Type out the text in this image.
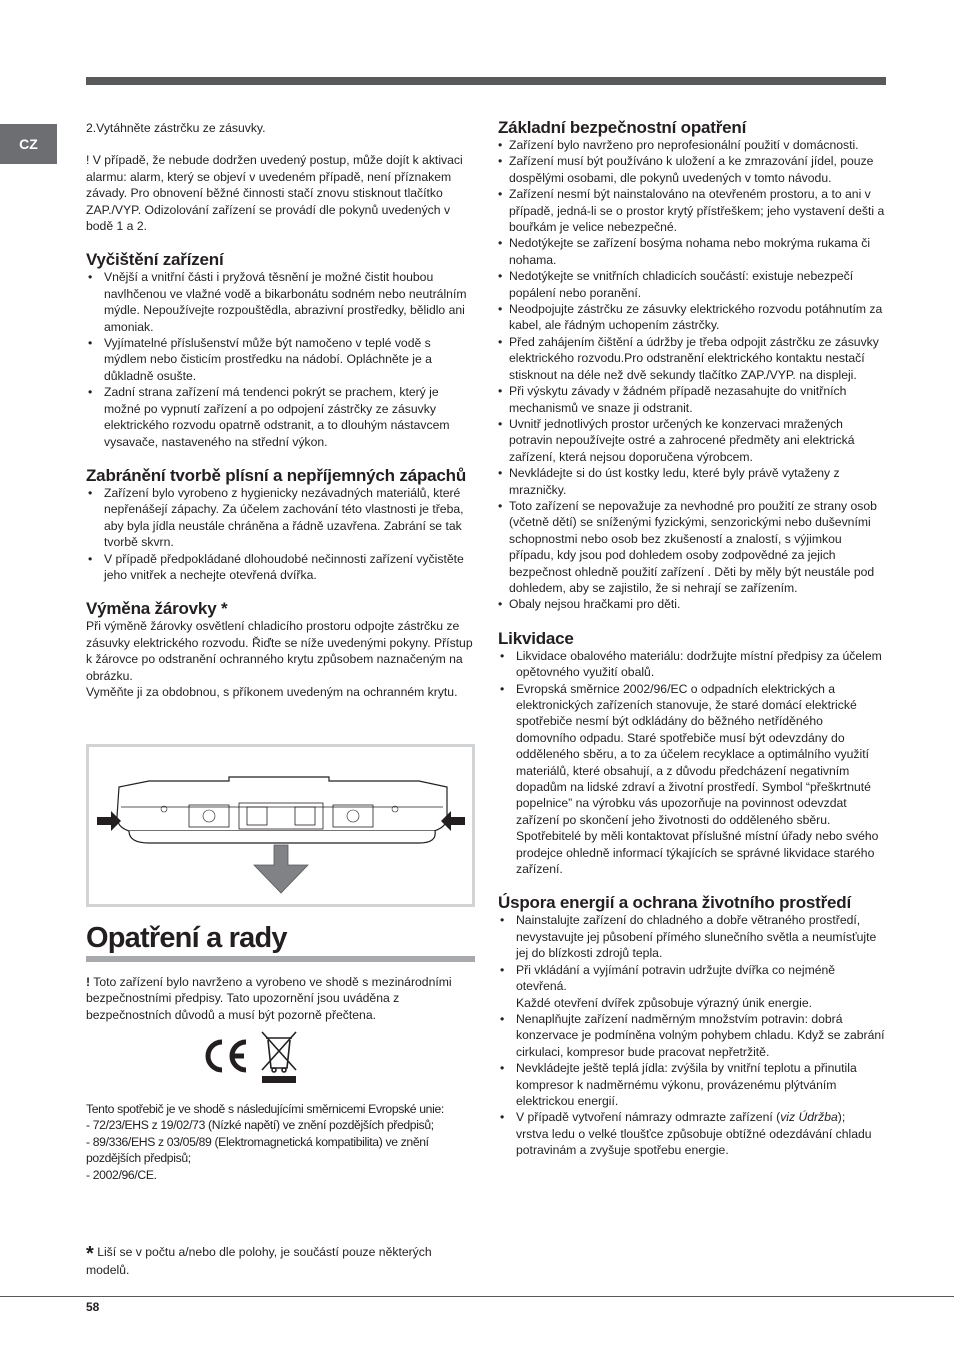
CZ

2.Vytáhněte zástrčku ze zásuvky.

! V případě, že nebude dodržen uvedený postup, může dojít k aktivaci alarmu: alarm, který se objeví v uvedeném případě, není příznakem závady. Pro obnovení běžné činnosti stačí znovu stisknout tlačítko ZAP./VYP. Odizolování zařízení se provádí dle pokynů uvedených v bodě 1 a 2.

Vyčištění zařízení
• Vnější a vnitřní části i pryžová těsnění je možné čistit houbou navlhčenou ve vlažné vodě a bikarbonátu sodném nebo neutrálním mýdle. Nepoužívejte rozpouštědla, abrazivní prostředky, bělidlo ani amoniak.
• Vyjímatelné příslušenství může být namočeno v teplé vodě s mýdlem nebo čisticím prostředku na nádobí. Opláchněte je a důkladně osušte.
• Zadní strana zařízení má tendenci pokrýt se prachem, který je možné po vypnutí zařízení a po odpojení zástrčky ze zásuvky elektrického rozvodu opatrně odstranit, a to dlouhým nástavcem vysavače, nastaveného na střední výkon.
Zabránění tvorbě plísní a nepříjemných zápachů
• Zařízení bylo vyrobeno z hygienicky nezávadných materiálů, které nepřenášejí zápachy. Za účelem zachování této vlastnosti je třeba, aby byla jídla neustále chráněna a řádně uzavřena. Zabrání se tak tvorbě skvrn.
• V případě předpokládané dlohoudobé nečinnosti zařízení vyčistěte jeho vnitřek a nechejte otevřená dvířka.
Výměna žárovky *

Při výměně žárovky osvětlení chladicího prostoru odpojte zástrčku ze zásuvky elektrického rozvodu. Řiďte se níže uvedenými pokyny. Přístup k žárovce po odstranění ochranného krytu způsobem naznačeným na obrázku.

Vyměňte ji za obdobnou, s příkonem uvedeným na ochranném krytu.

Opatření a rady

! Toto zařízení bylo navrženo a vyrobeno ve shodě s mezinárodními bezpečnostními předpisy. Tato upozornění jsou uváděna z bezpečnostních důvodů a musí být pozorně přečtena.

Tento spotřebič je ve shodě s následujícími směrnicemi Evropské unie:

- 72/23/EHS z 19/02/73 (Nízké napětí) ve znění pozdějších předpisů;

- 89/336/EHS z 03/05/89 (Elektromagnetická kompatibilita) ve znění pozdějších předpisů;

- 2002/96/CE.

* Liší se v počtu a/nebo dle polohy, je součástí pouze některých modelů.
Základní bezpečnostní opatření
• Zařízení bylo navrženo pro neprofesionální použití v domácnosti.
• Zařízení musí být používáno k uložení a ke zmrazování jídel, pouze dospělými osobami, dle pokynů uvedených v tomto návodu.
• Zařízení nesmí být nainstalováno na otevřeném prostoru, a to ani v případě, jedná-li se o prostor krytý přístřeškem; jeho vystavení dešti a bouřkám je velice nebezpečné.
• Nedotýkejte se zařízení bosýma nohama nebo mokrýma rukama či nohama.
• Nedotýkejte se vnitřních chladicích součástí: existuje nebezpečí popálení nebo poranění.
• Neodpojujte zástrčku ze zásuvky elektrického rozvodu potáhnutím za kabel, ale řádným uchopením zástrčky.
• Před zahájením čištění a údržby je třeba odpojit zástrčku ze zásuvky elektrického rozvodu.Pro odstranění elektrického kontaktu nestačí stisknout na déle než dvě sekundy tlačítko ZAP./VYP. na displeji.
• Při výskytu závady v žádném případě nezasahujte do vnitřních mechanismů ve snaze ji odstranit.
• Uvnitř jednotlivých prostor určených ke konzervaci mražených potravin nepoužívejte ostré a zahrocené předměty ani elektrická zařízení, která nejsou doporučena výrobcem.
• Nevkládejte si do úst kostky ledu, které byly právě vytaženy z mrazničky.
• Toto zařízení se nepovažuje za nevhodné pro použití ze strany osob (včetně dětí) se sníženými fyzickými, senzorickými nebo duševními schopnostmi nebo osob bez zkušeností a znalostí, s výjimkou případu, kdy jsou pod dohledem osoby zodpovědné za jejich bezpečnost ohledně použití zařízení . Děti by měly být neustále pod dohledem, aby se zajistilo, že si nehrají se zařízením.
• Obaly nejsou hračkami pro děti.
Likvidace
• Likvidace obalového materiálu: dodržujte místní předpisy za účelem opětovného využití obalů.
• Evropská směrnice 2002/96/EC o odpadních elektrických a elektronických zařízeních stanovuje, že staré domácí elektrické spotřebiče nesmí být odkládány do běžného netříděného domovního odpadu. Staré spotřebiče musí být odevzdány do odděleného sběru, a to za účelem recyklace a optimálního využití materiálů, které obsahují, a z důvodu předcházení negativním dopadům na lidské zdraví a životní prostředí. Symbol “přeškrtnuté popelnice” na výrobku vás upozorňuje na povinnost odevzdat zařízení po skončení jeho životnosti do odděleného sběru. Spotřebitelé by měli kontaktovat příslušné místní úřady nebo svého prodejce ohledně informací týkajících se správné likvidace starého zařízení.
Úspora energií a ochrana životního prostředí
• Nainstalujte zařízení do chladného a dobře větraného prostředí, nevystavujte jej působení přímého slunečního světla a neumísťujte jej do blízkosti zdrojů tepla.
• Při vkládání a vyjímání potravin udržujte dvířka co nejméně otevřená.
Každé otevření dvířek způsobuje výrazný únik energie.
• Nenaplňujte zařízení nadměrným množstvím potravin: dobrá konzervace je podmíněna volným pohybem chladu. Když se zabrání cirkulaci, kompresor bude pracovat nepřetržitě.
• Nevkládejte ještě teplá jídla: zvýšila by vnitřní teplotu a přinutila kompresor k nadměrnému výkonu, provázenému plýtváním elektrickou energií.
• V případě vytvoření námrazy odmrazte zařízení (viz Údržba);
vrstva ledu o velké tloušťce způsobuje obtížné odezdávání chladu potravinám a zvyšuje spotřebu energie.
58
